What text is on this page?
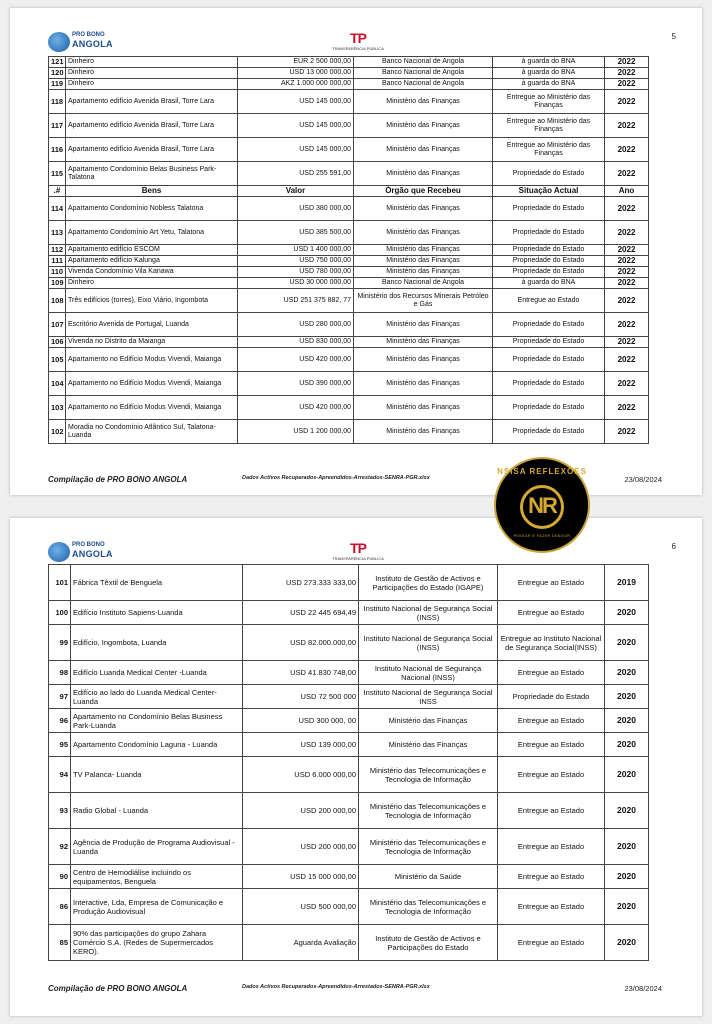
PRO BONO
ANGOLA	TP
TRANSPARÊNCIA PÚBLICA
5
121	Dinheiro	EUR 2 500 000,00	Banco Nacional de Angola	à guarda do BNA	2022
120	Dinheiro	USD 13 000 000,00	Banco Nacional de Angola	à guarda do BNA	2022
119	Dinheiro	AKZ 1.000 000 000,00	Banco Nacional de Angola	à guarda do BNA	2022
118	Apartamento edifício Avenida Brasil, Torre Lara	USD 145 000,00	Ministério das Finanças	Entregue ao Ministério das Finanças	2022
117	Apartamento edifício Avenida Brasil, Torre Lara	USD 145 000,00	Ministério das Finanças	Entregue ao Ministério das Finanças	2022
116	Apartamento edifício Avenida Brasil, Torre Lara	USD 145 000,00	Ministério das Finanças	Entregue ao Ministério das Finanças	2022
115	Apartamento Condomínio Belas Business Park- Talatona	USD 255 591,00	Ministério das Finanças	Propriedade do Estado	2022
.#	Bens	Valor	Órgão que Recebeu	Situação Actual	Ano
114	Apartamento Condomínio Nobless Talatona	USD 380 000,00	Ministério das Finanças	Propriedade do Estado	2022
113	Apartamento Condomínio Art Yetu, Talatona	USD 385 500,00	Ministério das Finanças	Propriedade do Estado	2022
112	Apartamento edifício ESCOM	USD 1 400 000,00	Ministério das Finanças	Propriedade do Estado	2022
111	Apartamento edifício Kalunga	USD 750 000,00	Ministério das Finanças	Propriedade do Estado	2022
110	Vivenda Condomínio Vila Kanawa	USD 780 000,00	Ministério das Finanças	Propriedade do Estado	2022
109	Dinheiro	USD 30 000 000,00	Banco Nacional de Angola	à guarda do BNA	2022
108	Três edifícios (torres), Eixo Viário, Ingombota	USD 251 375 882, 77	Ministério dos Recursos Minerais Petróleo e Gás	Entregue ao Estado	2022
107	Escritório Avenida de Portugal, Luanda	USD 280 000,00	Ministério das Finanças	Propriedade do Estado	2022
106	Vivenda no Distrito da Maianga	USD 830 000,00	Ministério das Finanças	Propriedade do Estado	2022
105	Apartamento no Edifício Modus Vivendi, Maianga	USD 420 000,00	Ministério das Finanças	Propriedade do Estado	2022
104	Apartamento no Edifício Modus Vivendi, Maianga	USD 390 000,00	Ministério das Finanças	Propriedade do Estado	2022
103	Apartamento no Edifício Modus Vivendi, Maianga	USD 420 000,00	Ministério das Finanças	Propriedade do Estado	2022
102	Moradia no Condomínio Atlântico Sul, Talatona- Luanda	USD 1 200 000,00	Ministério das Finanças	Propriedade do Estado	2022
Compilação de PRO BONO ANGOLA	Dados Activos Recuperados-Apreendidos-Arrestados-SENRA-PGR.xlsx	23/08/2024
PRO BONO
ANGOLA	TP
TRANSPARÊNCIA PÚBLICA
6
101	Fábrica Têxtil de Benguela	USD 273.333 333,00	Instituto de Gestão de Activos e Participações do Estado (IGAPE)	Entregue ao Estado	2019
100	Edifício Instituto Sapiens-Luanda	USD 22 445 694,49	Instituto Nacional de Segurança Social (INSS)	Entregue ao Estado	2020
99	Edifício, Ingombota, Luanda	USD 82.000.000,00	Instituto Nacional de Segurança Social (INSS)	Entregue ao Instituto Nacional de Segurança Social(INSS)	2020
98	Edifício Luanda Medical Center -Luanda	USD 41.830 748,00	Instituto Nacional de Segurança Nacional (INSS)	Entregue ao Estado	2020
97	Edifício ao lado do Luanda Medical Center-Luanda	USD 72 500 000	Instituto Nacional de Segurança Social INSS	Propriedade do Estado	2020
96	Apartamento no Condomínio Belas Business Park-Luanda	USD 300 000, 00	Ministério das Finanças	Entregue ao Estado	2020
95	Apartamento Condomínio Laguna - Luanda	USD 139 000,00	Ministério das Finanças	Entregue ao Estado	2020
94	TV Palanca- Luanda	USD 6.000 000,00	Ministério das Telecomunicações e Tecnologia de Informação	Entregue ao Estado	2020
93	Radio Global - Luanda	USD 200 000,00	Ministério das Telecomunicações e Tecnologia de Informação	Entregue ao Estado	2020
92	Agência de Produção de Programa Audiovisual - Luanda	USD 200 000,00	Ministério das Telecomunicações e Tecnologia de Informação	Entregue ao Estado	2020
90	Centro de Hemodiálise incluindo os equipamentos, Benguela	USD 15 000 000,00	Ministério da Saúde	Entregue ao Estado	2020
86	Interactive, Lda, Empresa de Comunicação e Produção Audiovisual	USD 500 000,00	Ministério das Telecomunicações e Tecnologia de Informação	Entregue ao Estado	2020
85	90% das participações do grupo Zahara Comércio S.A. (Redes de Supermercados KERO).	Aguarda Avaliação	Instituto de Gestão de Activos e Participações do Estado	Entregue ao Estado	2020
Compilação de PRO BONO ANGOLA	Dados Activos Recuperados-Apreendidos-Arrestados-SENRA-PGR.xlsx	23/08/2024
NSISA REFLEXÕES
NR
PENSAR É FAZER DENGOR
